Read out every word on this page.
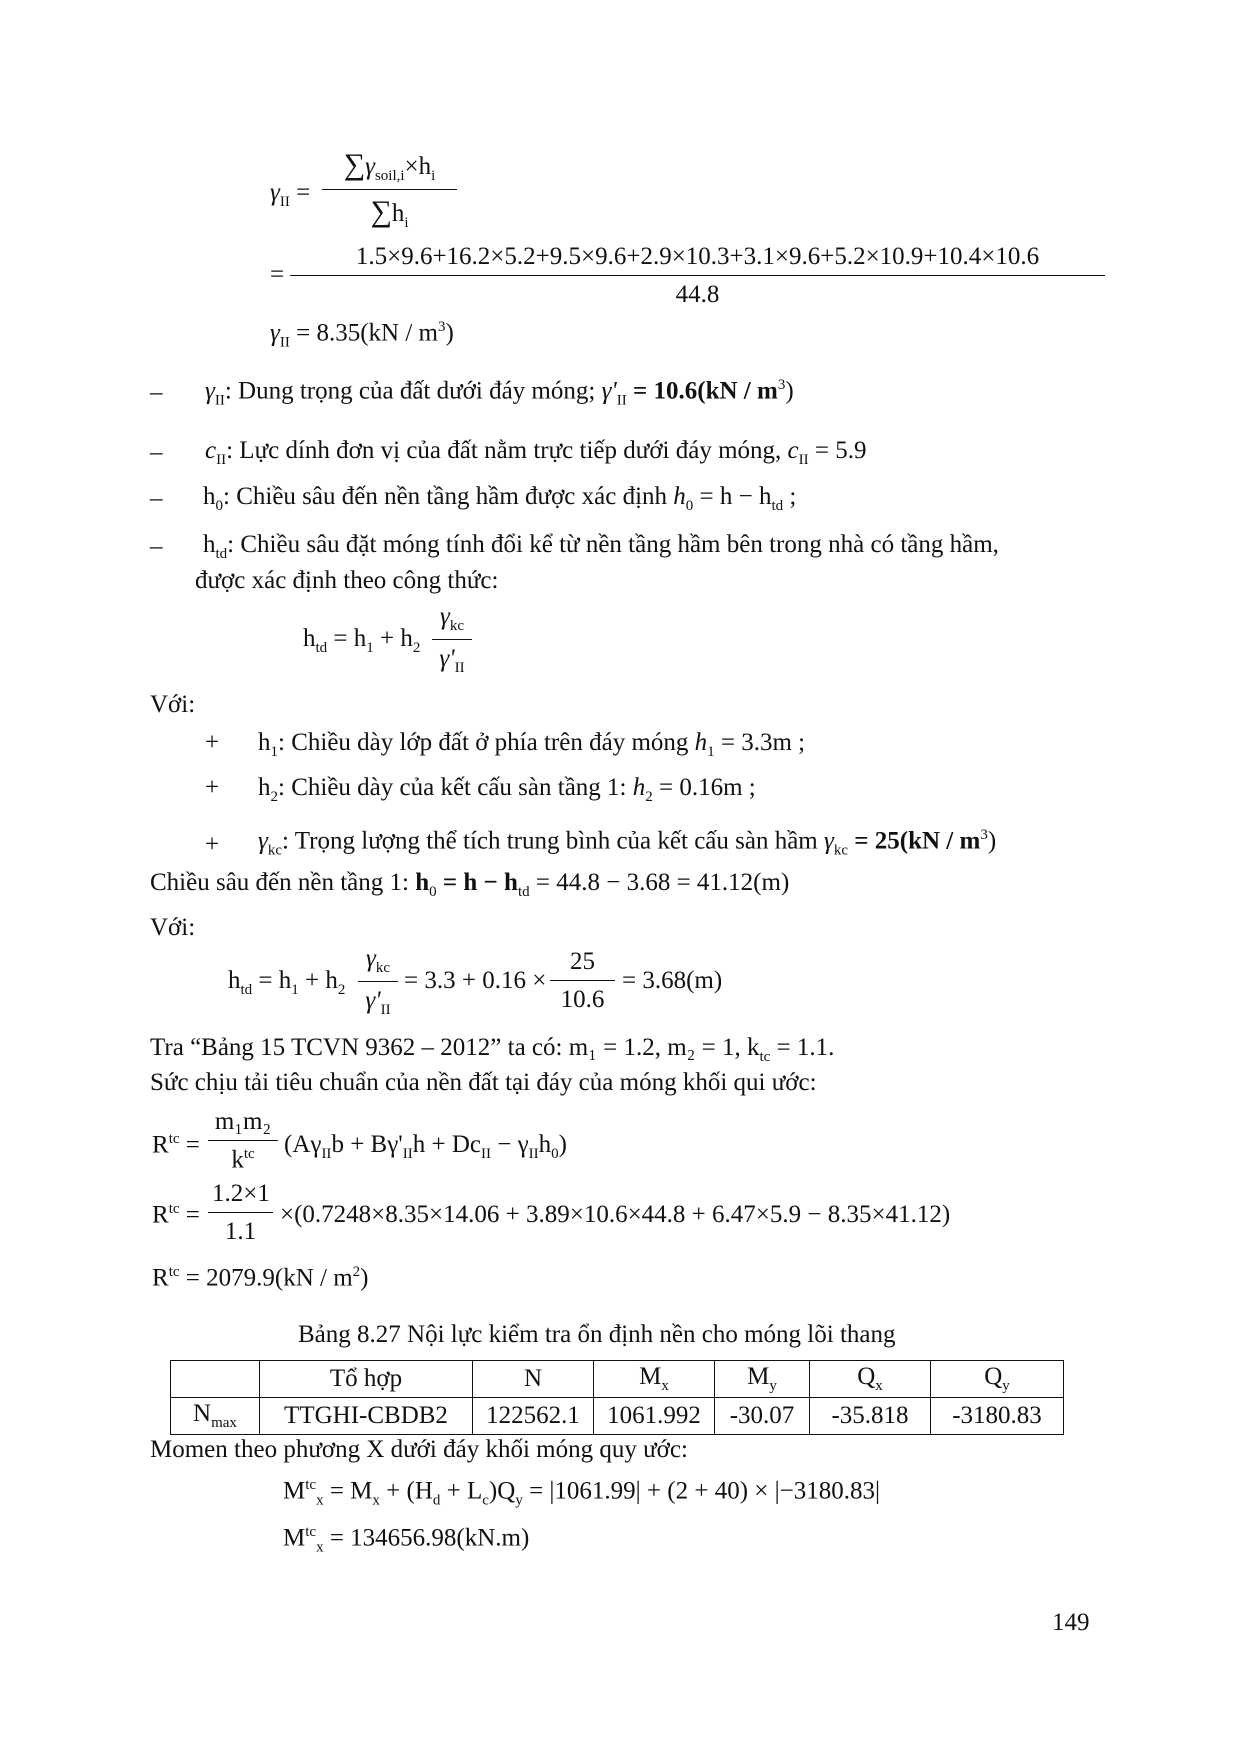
$\gamma_{II}$ =
$\sum\gamma_{soil,i}\times h_i$
$\sum h_i$
= $\frac{1.5\times 9.6+16.2\times 5.2+9.5\times 9.6+2.9\times 10.3+3.1\times 9.6+5.2\times 10.9+10.4\times 10.6}{44.8}$
$\gamma_{II} = 8.35(kN / m^3)$
– $\gamma_{II}$: Dung trọng của đất dưới đáy móng; $\gamma'_{II} = 10.6(kN / m^3)$
– $c_{II}$: Lực dính đơn vị của đất nằm trực tiếp dưới đáy móng, $c_{II} = 5.9$
– $h_0$: Chiều sâu đến nền tầng hầm được xác định $h_0 = h - h_{td}$ ;
– $h_{td}$: Chiều sâu đặt móng tính đổi kể từ nền tầng hầm bên trong nhà có tầng hầm,
được xác định theo công thức:
$h_{td} = h_1 + h_2$
$\gamma_{kc}$
$\gamma'_{II}$
Với:
+ $h_1$: Chiều dày lớp đất ở phía trên đáy móng $h_1 = 3.3m$ ;
+ $h_2$: Chiều dày của kết cấu sàn tầng 1: $h_2 = 0.16m$ ;
+ $\gamma_{kc}$: Trọng lượng thể tích trung bình của kết cấu sàn hầm $\gamma_{kc} = 25(kN / m^3)$
Chiều sâu đến nền tầng 1: $h_0 = h - h_{td} = 44.8 - 3.68 = 41.12(m)$
Với:
$h_{td} = h_1 + h_2$
$\gamma_{kc}$
$\gamma'_{II}$
= $3.3 + 0.16 \times \frac{25}{10.6} = 3.68(m)$
Tra “Bảng 15 TCVN 9362 – 2012” ta có: m₁ = 1.2, m₂ = 1, $k_{tc} = 1.1$.
Sức chịu tải tiêu chuẩn của nền đất tại đáy của móng khối qui ước:
$R^{tc}$ =
m₁m₂
$k^{tc}$	$(A\gamma_{II}b + B\gamma'_{II}h + Dc_{II} - \gamma_{II}h_0)$
$R^{tc} = \frac{1.2\times 1}{1.1} \times(0.7248\times 8.35\times 14.06 + 3.89\times 10.6\times 44.8 + 6.47\times 5.9 - 8.35\times 41.12)$
$R^{tc} = 2079.9(kN / m^2)$
Bảng 8.27 Nội lực kiểm tra ổn định nền cho móng lõi thang
	Tổ hợp	N	$M_x$	$M_y$	$Q_x$	$Q_y$
$N_{max}$	TTGHI-CBDB2	122562.1	1061.992	-30.07	-35.818	-3180.83
Momen theo phương X dưới đáy khối móng quy ước:
$M^{tc}_x = M_x + (H_d + L_c)Q_y = |1061.99| + (2 + 40) \times |-3180.83|$
$M^{tc}_x = 134656.98(kN.m)$
149
